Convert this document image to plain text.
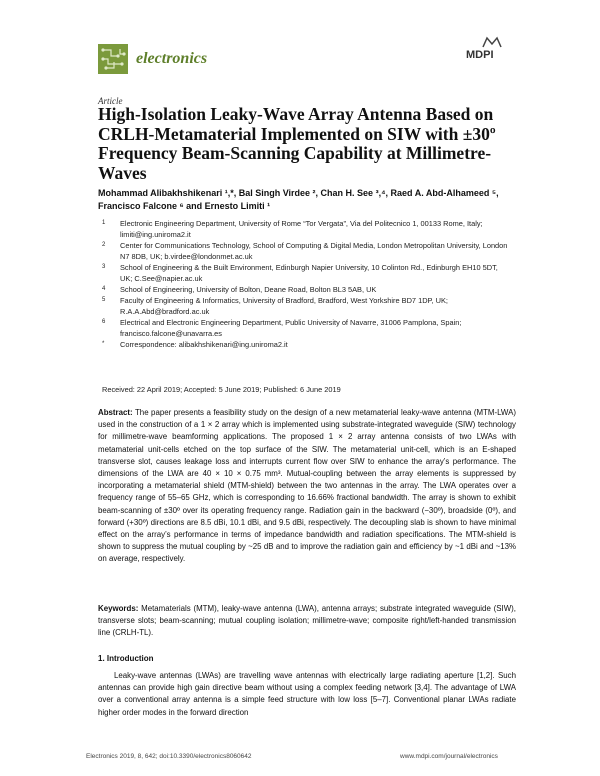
electronics	MDPI
Article
High-Isolation Leaky-Wave Array Antenna Based on CRLH-Metamaterial Implemented on SIW with ±30º Frequency Beam-Scanning Capability at Millimetre-Waves
Mohammad Alibakhshikenari ¹,*, Bal Singh Virdee ², Chan H. See ³,⁴, Raed A. Abd-Alhameed ⁵, Francisco Falcone ⁶ and Ernesto Limiti ¹
1 Electronic Engineering Department, University of Rome “Tor Vergata”, Via del Politecnico 1, 00133 Rome, Italy; limiti@ing.uniroma2.it
2 Center for Communications Technology, School of Computing & Digital Media, London Metropolitan University, London N7 8DB, UK; b.virdee@londonmet.ac.uk
3 School of Engineering & the Built Environment, Edinburgh Napier University, 10 Colinton Rd., Edinburgh EH10 5DT, UK; C.See@napier.ac.uk
4 School of Engineering, University of Bolton, Deane Road, Bolton BL3 5AB, UK
5 Faculty of Engineering & Informatics, University of Bradford, Bradford, West Yorkshire BD7 1DP, UK; R.A.A.Abd@bradford.ac.uk
6 Electrical and Electronic Engineering Department, Public University of Navarre, 31006 Pamplona, Spain; francisco.falcone@unavarra.es
* Correspondence: alibakhshikenari@ing.uniroma2.it
Received: 22 April 2019; Accepted: 5 June 2019; Published: 6 June 2019
Abstract: The paper presents a feasibility study on the design of a new metamaterial leaky-wave antenna (MTM-LWA) used in the construction of a 1 × 2 array which is implemented using substrate-integrated waveguide (SIW) technology for millimetre-wave beamforming applications. The proposed 1 × 2 array antenna consists of two LWAs with metamaterial unit-cells etched on the top surface of the SIW. The metamaterial unit-cell, which is an E-shaped transverse slot, causes leakage loss and interrupts current flow over SIW to enhance the array’s performance. The dimensions of the LWA are 40 × 10 × 0.75 mm³. Mutual-coupling between the array elements is suppressed by incorporating a metamaterial shield (MTM-shield) between the two antennas in the array. The LWA operates over a frequency range of 55–65 GHz, which is corresponding to 16.66% fractional bandwidth. The array is shown to exhibit beam-scanning of ±30º over its operating frequency range. Radiation gain in the backward (−30º), broadside (0º), and forward (+30º) directions are 8.5 dBi, 10.1 dBi, and 9.5 dBi, respectively. The decoupling slab is shown to have minimal effect on the array’s performance in terms of impedance bandwidth and radiation specifications. The MTM-shield is shown to suppress the mutual coupling by ~25 dB and to improve the radiation gain and efficiency by ~1 dBi and ~13% on average, respectively.
Keywords: Metamaterials (MTM), leaky-wave antenna (LWA), antenna arrays; substrate integrated waveguide (SIW), transverse slots; beam-scanning; mutual coupling isolation; millimetre-wave; composite right/left-handed transmission line (CRLH-TL).
1. Introduction
Leaky-wave antennas (LWAs) are travelling wave antennas with electrically large radiating aperture [1,2]. Such antennas can provide high gain directive beam without using a complex feeding network [3,4]. The advantage of LWA over a conventional array antenna is a simple feed structure with low loss [5–7]. Conventional planar LWAs radiate higher order modes in the forward direction
Electronics 2019, 8, 642; doi:10.3390/electronics8060642	www.mdpi.com/journal/electronics
